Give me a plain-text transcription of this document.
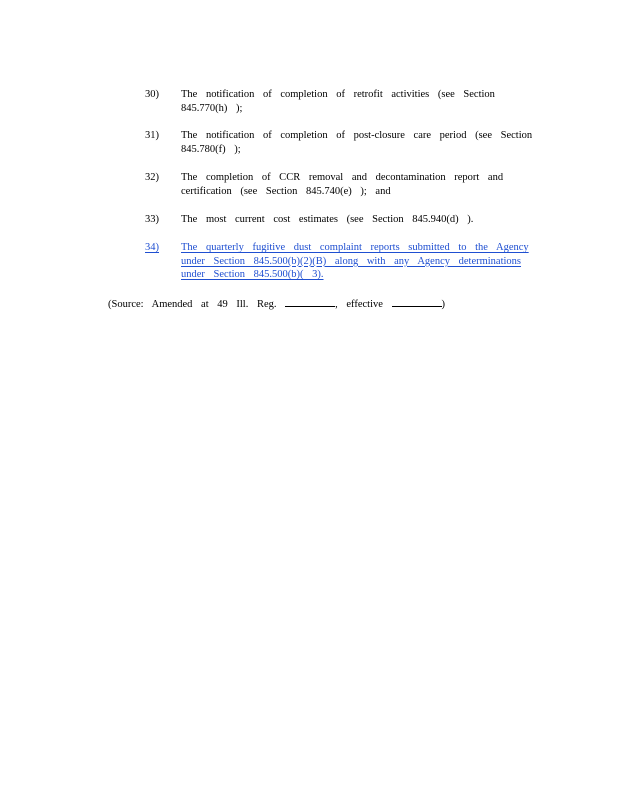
30)	The notification of completion of retrofit activities (see Section
845.770(h) );
31)	The notification of completion of post-closure care period (see Section
845.780(f) );
32)	The completion of CCR removal and decontamination report and
certification (see Section 845.740(e) ); and
33)	The most current cost estimates (see Section 845.940(d) ).
34)	The quarterly fugitive dust complaint reports submitted to the Agency
under Section 845.500(b)(2)(B) along with any Agency determinations
under Section 845.500(b)( 3).
(Source: Amended at 49 Ill. Reg.	, effective	)
